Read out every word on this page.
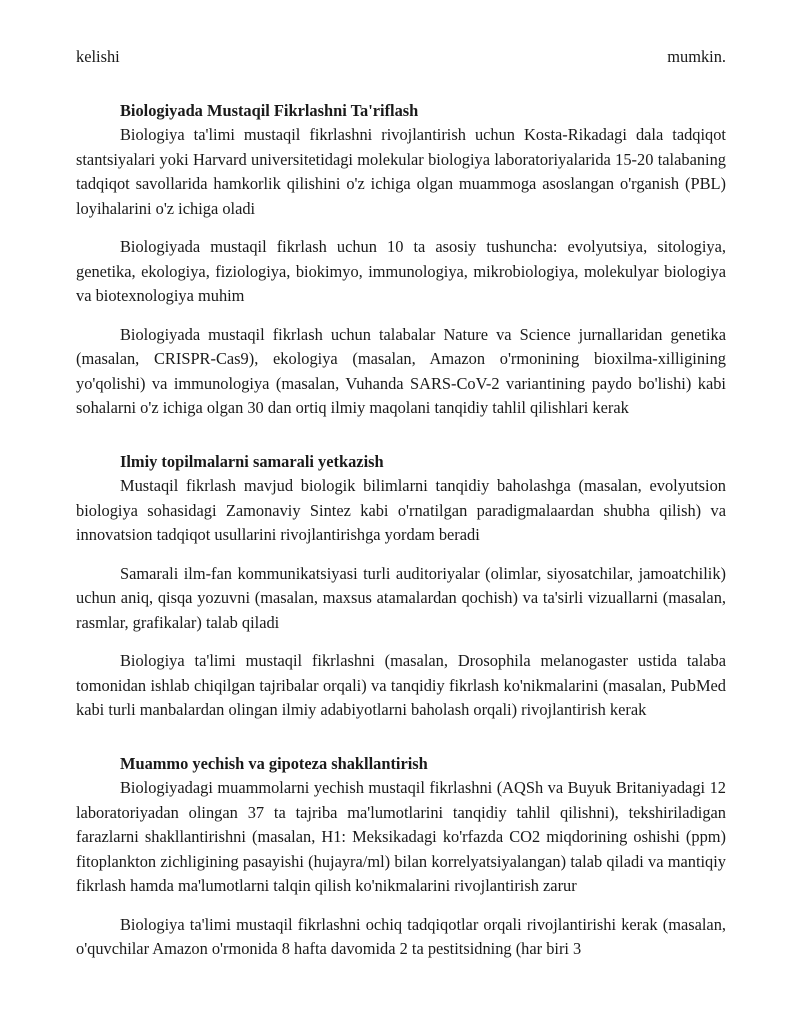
kelishi	mumkin.

Biologiyada Mustaqil Fikrlashni Ta'riflash

Biologiya ta'limi mustaqil fikrlashni rivojlantirish uchun Kosta-Rikadagi dala tadqiqot stantsiyalari yoki Harvard universitetidagi molekular biologiya laboratoriyalarida 15-20 talabaning tadqiqot savollarida hamkorlik qilishini o'z ichiga olgan muammoga asoslangan o'rganish (PBL) loyihalarini o'z ichiga oladi

Biologiyada mustaqil fikrlash uchun 10 ta asosiy tushuncha: evolyutsiya, sitologiya, genetika, ekologiya, fiziologiya, biokimyo, immunologiya, mikrobiologiya, molekulyar biologiya va biotexnologiya muhim

Biologiyada mustaqil fikrlash uchun talabalar Nature va Science jurnallaridan genetika (masalan, CRISPR-Cas9), ekologiya (masalan, Amazon o'rmonining bioxilma-xilligining yo'qolishi) va immunologiya (masalan, Vuhanda SARS-CoV-2 variantining paydo bo'lishi) kabi sohalarni o'z ichiga olgan 30 dan ortiq ilmiy maqolani tanqidiy tahlil qilishlari kerak

Ilmiy topilmalarni samarali yetkazish

Mustaqil fikrlash mavjud biologik bilimlarni tanqidiy baholashga (masalan, evolyutsion biologiya sohasidagi Zamonaviy Sintez kabi o'rnatilgan paradigmalaardan shubha qilish) va innovatsion tadqiqot usullarini rivojlantirishga yordam beradi

Samarali ilm-fan kommunikatsiyasi turli auditoriyalar (olimlar, siyosatchilar, jamoatchilik) uchun aniq, qisqa yozuvni (masalan, maxsus atamalardan qochish) va ta'sirli vizuallarni (masalan, rasmlar, grafikalar) talab qiladi

Biologiya ta'limi mustaqil fikrlashni (masalan, Drosophila melanogaster ustida talaba tomonidan ishlab chiqilgan tajribalar orqali) va tanqidiy fikrlash ko'nikmalarini (masalan, PubMed kabi turli manbalardan olingan ilmiy adabiyotlarni baholash orqali) rivojlantirish kerak

Muammo yechish va gipoteza shakllantirish

Biologiyadagi muammolarni yechish mustaqil fikrlashni (AQSh va Buyuk Britaniyadagi 12 laboratoriyadan olingan 37 ta tajriba ma'lumotlarini tanqidiy tahlil qilishni), tekshiriladigan farazlarni shakllantirishni (masalan, H1: Meksikadagi ko'rfazda CO2 miqdorining oshishi (ppm) fitoplankton zichligining pasayishi (hujayra/ml) bilan korrelyatsiyalangan) talab qiladi va mantiqiy fikrlash hamda ma'lumotlarni talqin qilish ko'nikmalarini rivojlantirish zarur

Biologiya ta'limi mustaqil fikrlashni ochiq tadqiqotlar orqali rivojlantirishi kerak (masalan, o'quvchilar Amazon o'rmonida 8 hafta davomida 2 ta pestitsidning (har biri 3
